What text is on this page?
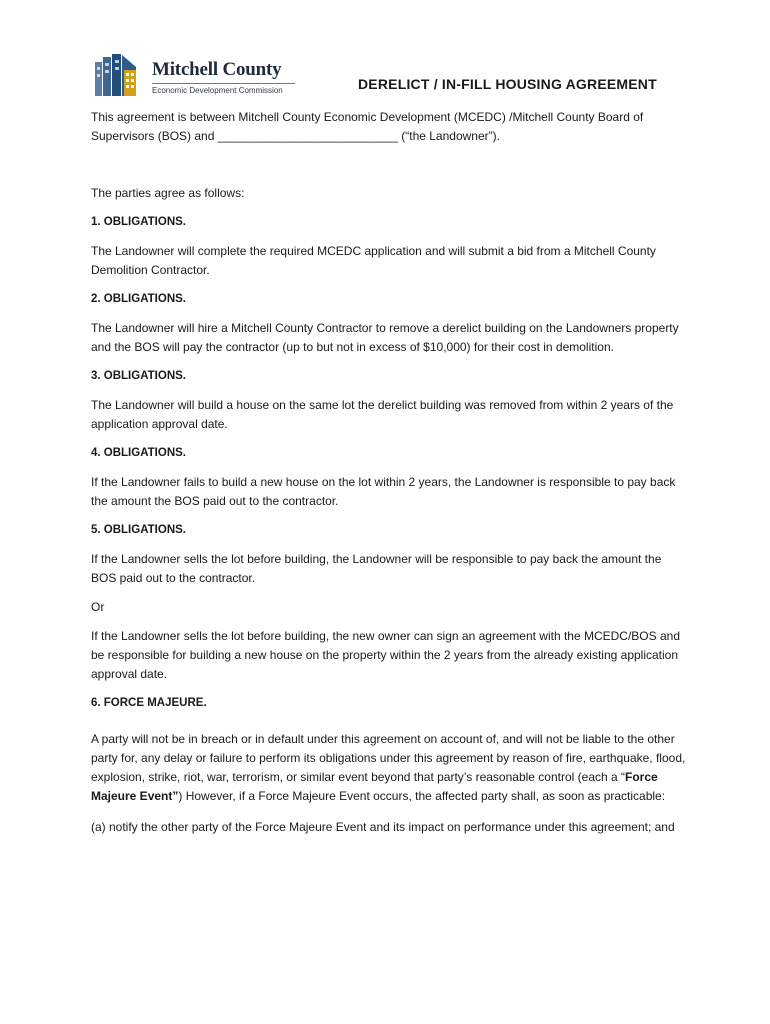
Mitchell County
Economic Development Commission	DERELICT / IN-FILL HOUSING AGREEMENT

This agreement is between Mitchell County Economic Development (MCEDC) /Mitchell County Board of Supervisors (BOS) and ___________________________ (“the Landowner”).

The parties agree as follows:

1. OBLIGATIONS.

The Landowner will complete the required MCEDC application and will submit a bid from a Mitchell County Demolition Contractor.

2. OBLIGATIONS.

The Landowner will hire a Mitchell County Contractor to remove a derelict building on the Landowners property and the BOS will pay the contractor (up to but not in excess of $10,000) for their cost in demolition.

3. OBLIGATIONS.

The Landowner will build a house on the same lot the derelict building was removed from within 2 years of the application approval date.

4. OBLIGATIONS.

If the Landowner fails to build a new house on the lot within 2 years, the Landowner is responsible to pay back the amount the BOS paid out to the contractor.

5. OBLIGATIONS.

If the Landowner sells the lot before building, the Landowner will be responsible to pay back the amount the BOS paid out to the contractor.

Or

If the Landowner sells the lot before building, the new owner can sign an agreement with the MCEDC/BOS and be responsible for building a new house on the property within the 2 years from the already existing application approval date.

6. FORCE MAJEURE.

A party will not be in breach or in default under this agreement on account of, and will not be liable to the other party for, any delay or failure to perform its obligations under this agreement by reason of fire, earthquake, flood, explosion, strike, riot, war, terrorism, or similar event beyond that party’s reasonable control (each a “Force Majeure Event”) However, if a Force Majeure Event occurs, the affected party shall, as soon as practicable:

(a) notify the other party of the Force Majeure Event and its impact on performance under this agreement; and
